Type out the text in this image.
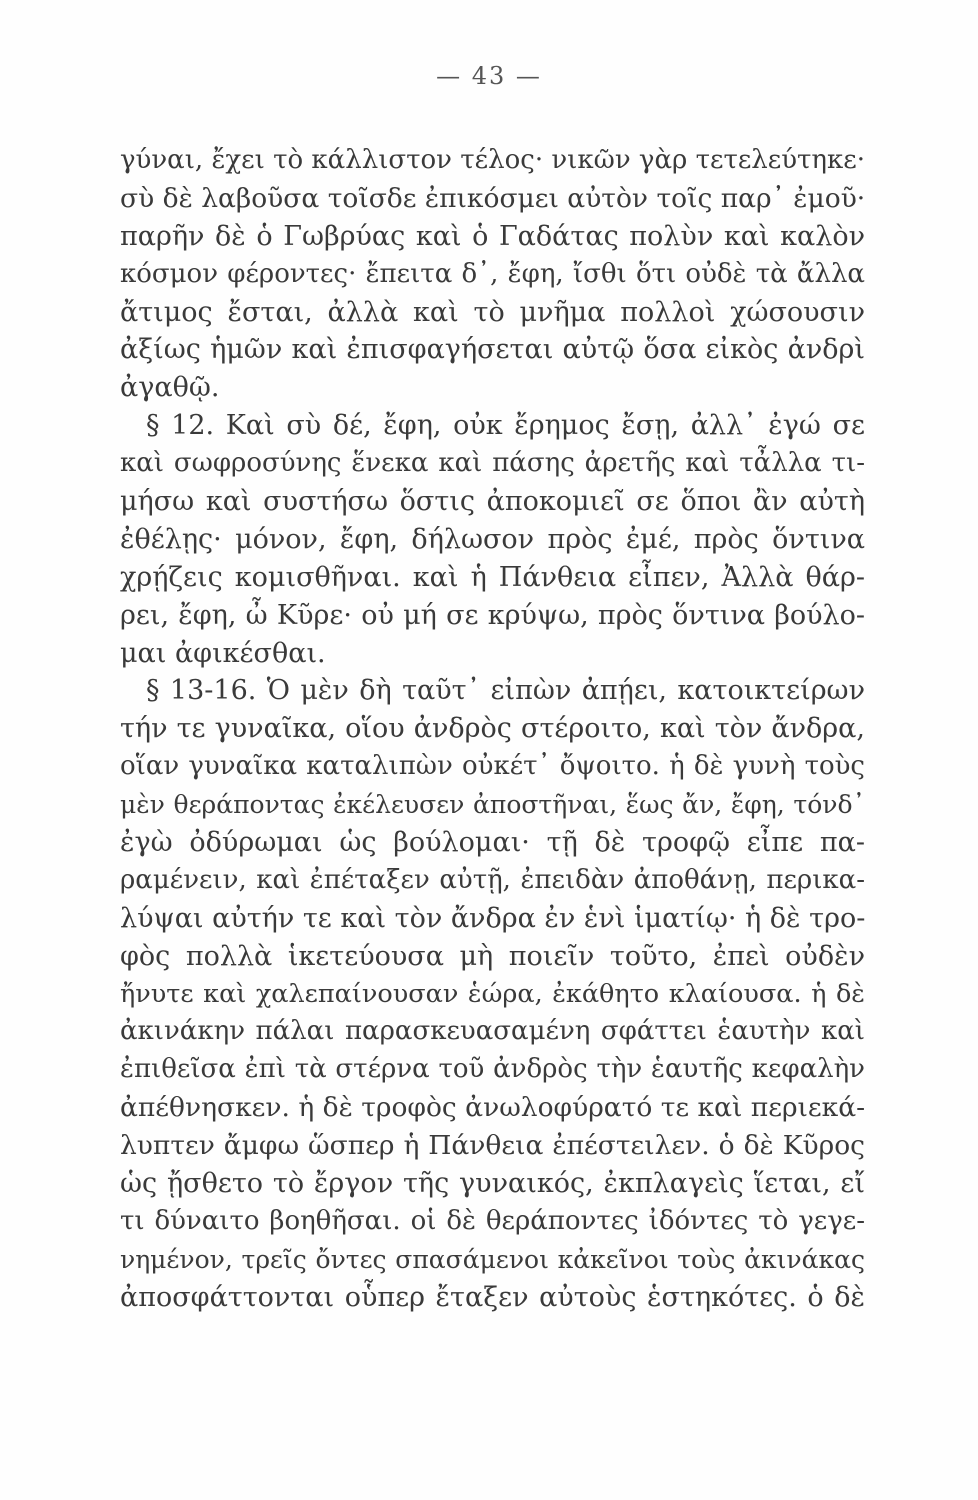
— 43 —
γύναι, ἔχει τὸ κάλλιστον τέλος· νικῶν γὰρ τετελεύτηκε·
σὺ δὲ λαβοῦσα τοῖσδε ἐπικόσμει αὐτὸν τοῖς παρ᾽ ἐμοῦ·
παρῆν δὲ ὁ Γωβρύας καὶ ὁ Γαδάτας πολὺν καὶ καλὸν
κόσμον φέροντες· ἔπειτα δ᾽, ἔφη, ἴσθι ὅτι οὐδὲ τὰ ἄλλα
ἄτιμος ἔσται, ἀλλὰ καὶ τὸ μνῆμα πολλοὶ χώσουσιν
ἀξίως ἡμῶν καὶ ἐπισφαγήσεται αὐτῷ ὅσα εἰκὸς ἀνδρὶ
ἀγαθῷ.
§ 12. Καὶ σὺ δέ, ἔφη, οὐκ ἔρημος ἔσῃ, ἀλλ᾽ ἐγώ σε
καὶ σωφροσύνης ἕνεκα καὶ πάσης ἀρετῆς καὶ τἆλλα τι-
μήσω καὶ συστήσω ὅστις ἀποκομιεῖ σε ὅποι ἂν αὐτὴ
ἐθέλῃς· μόνον, ἔφη, δήλωσον πρὸς ἐμέ, πρὸς ὅντινα
χρῄζεις κομισθῆναι. καὶ ἡ Πάνθεια εἶπεν, Ἀλλὰ θάρ-
ρει, ἔφη, ὦ Κῦρε· οὐ μή σε κρύψω, πρὸς ὅντινα βούλο-
μαι ἀφικέσθαι.
§ 13-16. Ὁ μὲν δὴ ταῦτ᾽ εἰπὼν ἀπῄει, κατοικτείρων
τήν τε γυναῖκα, οἵου ἀνδρὸς στέροιτο, καὶ τὸν ἄνδρα,
οἵαν γυναῖκα καταλιπὼν οὐκέτ᾽ ὄψοιτο. ἡ δὲ γυνὴ τοὺς
μὲν θεράποντας ἐκέλευσεν ἀποστῆναι, ἕως ἄν, ἔφη, τόνδ᾽
ἐγὼ ὀδύρωμαι ὡς βούλομαι· τῇ δὲ τροφῷ εἶπε πα-
ραμένειν, καὶ ἐπέταξεν αὐτῇ, ἐπειδὰν ἀποθάνῃ, περικα-
λύψαι αὐτήν τε καὶ τὸν ἄνδρα ἐν ἑνὶ ἱματίῳ· ἡ δὲ τρο-
φὸς πολλὰ ἱκετεύουσα μὴ ποιεῖν τοῦτο, ἐπεὶ οὐδὲν
ἤνυτε καὶ χαλεπαίνουσαν ἑώρα, ἐκάθητο κλαίουσα. ἡ δὲ
ἀκινάκην πάλαι παρασκευασαμένη σφάττει ἑαυτὴν καὶ
ἐπιθεῖσα ἐπὶ τὰ στέρνα τοῦ ἀνδρὸς τὴν ἑαυτῆς κεφαλὴν
ἀπέθνησκεν. ἡ δὲ τροφὸς ἀνωλοφύρατό τε καὶ περιεκά-
λυπτεν ἄμφω ὥσπερ ἡ Πάνθεια ἐπέστειλεν. ὁ δὲ Κῦρος
ὡς ᾔσθετο τὸ ἔργον τῆς γυναικός, ἐκπλαγεὶς ἵεται, εἴ
τι δύναιτο βοηθῆσαι. οἱ δὲ θεράποντες ἰδόντες τὸ γεγε-
νημένον, τρεῖς ὄντες σπασάμενοι κἀκεῖνοι τοὺς ἀκινάκας
ἀποσφάττονται οὗπερ ἔταξεν αὐτοὺς ἑστηκότες. ὁ δὲ
